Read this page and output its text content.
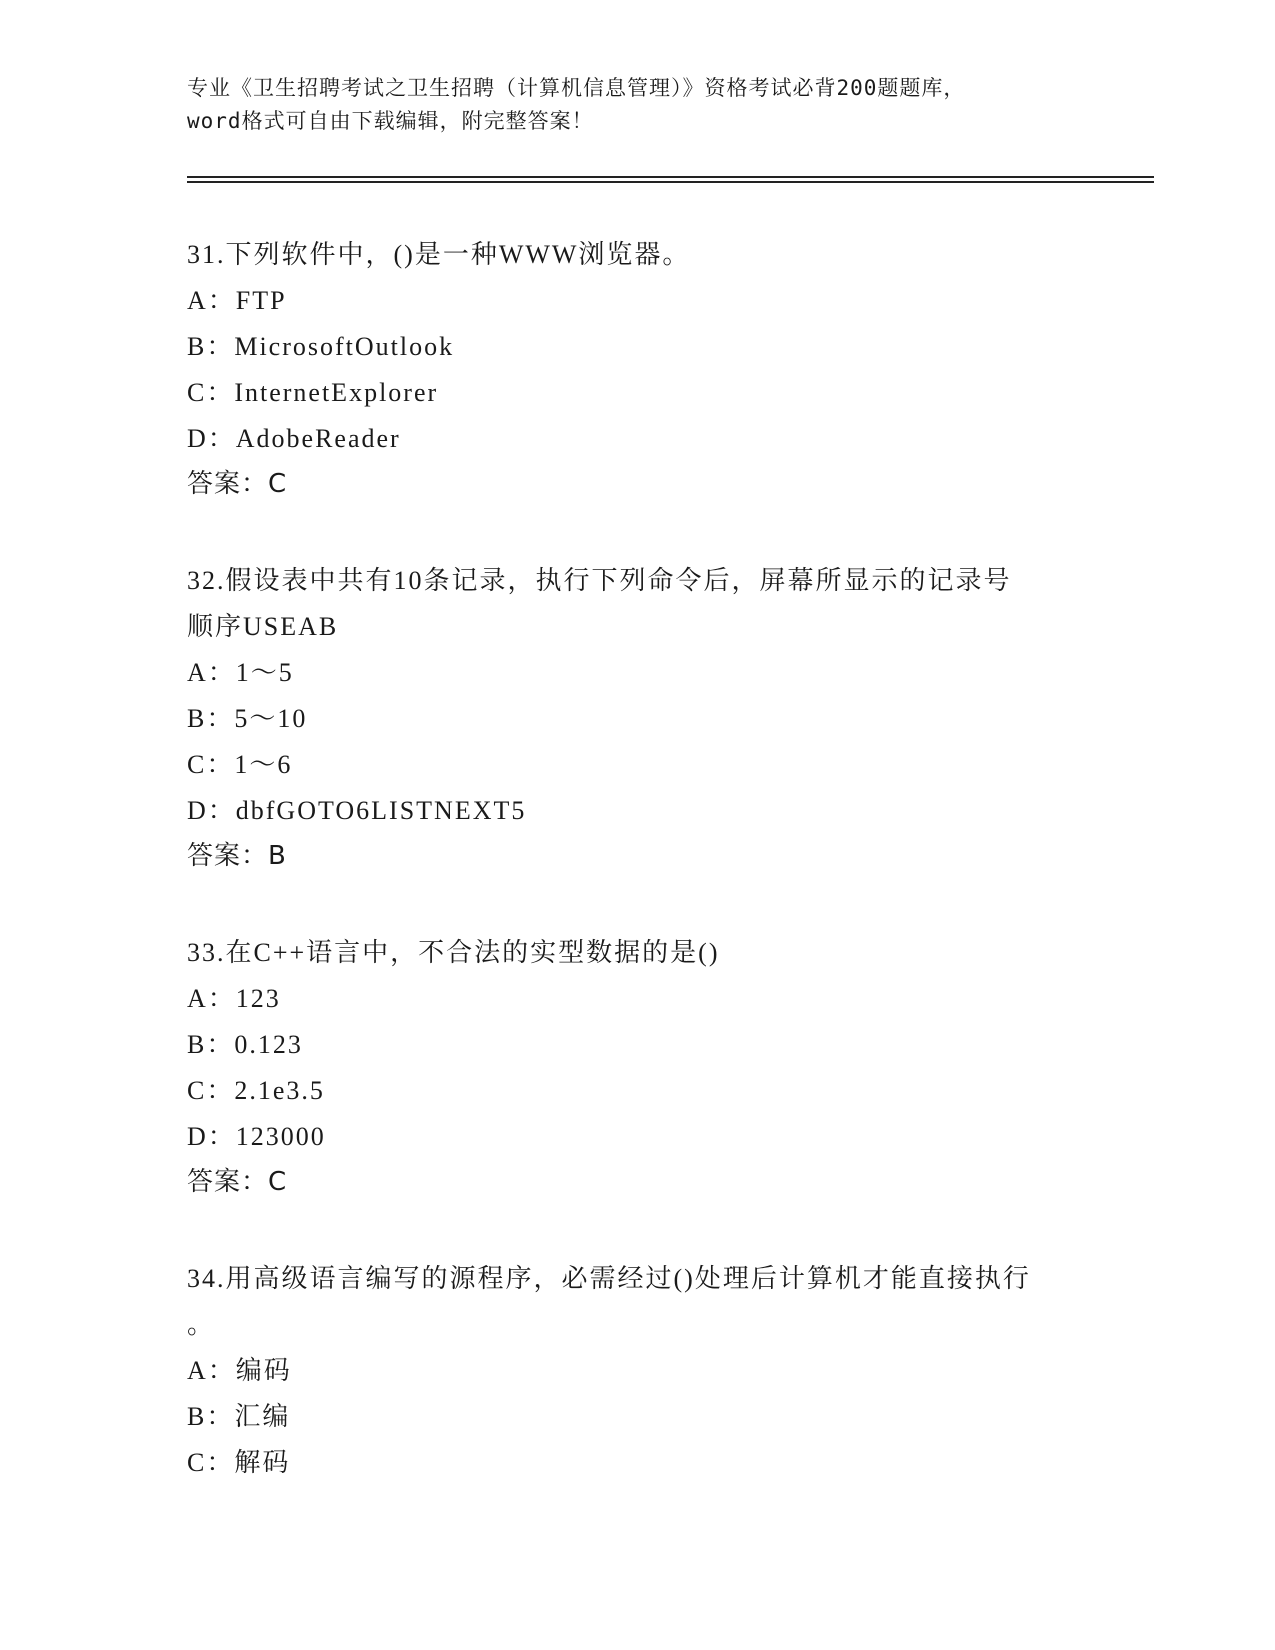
专业《卫生招聘考试之卫生招聘（计算机信息管理）》资格考试必背200题题库，
word格式可自由下载编辑，附完整答案！
31.下列软件中，()是一种WWW浏览器。
A：FTP
B：MicrosoftOutlook
C：InternetExplorer
D：AdobeReader
答案：C
32.假设表中共有10条记录，执行下列命令后，屏幕所显示的记录号
顺序USEAB
A：1～5
B：5～10
C：1～6
D：dbfGOTO6LISTNEXT5
答案：B
33.在C++语言中，不合法的实型数据的是()
A：123
B：0.123
C：2.1e3.5
D：123000
答案：C
34.用高级语言编写的源程序，必需经过()处理后计算机才能直接执行
。
A：编码
B：汇编
C：解码
